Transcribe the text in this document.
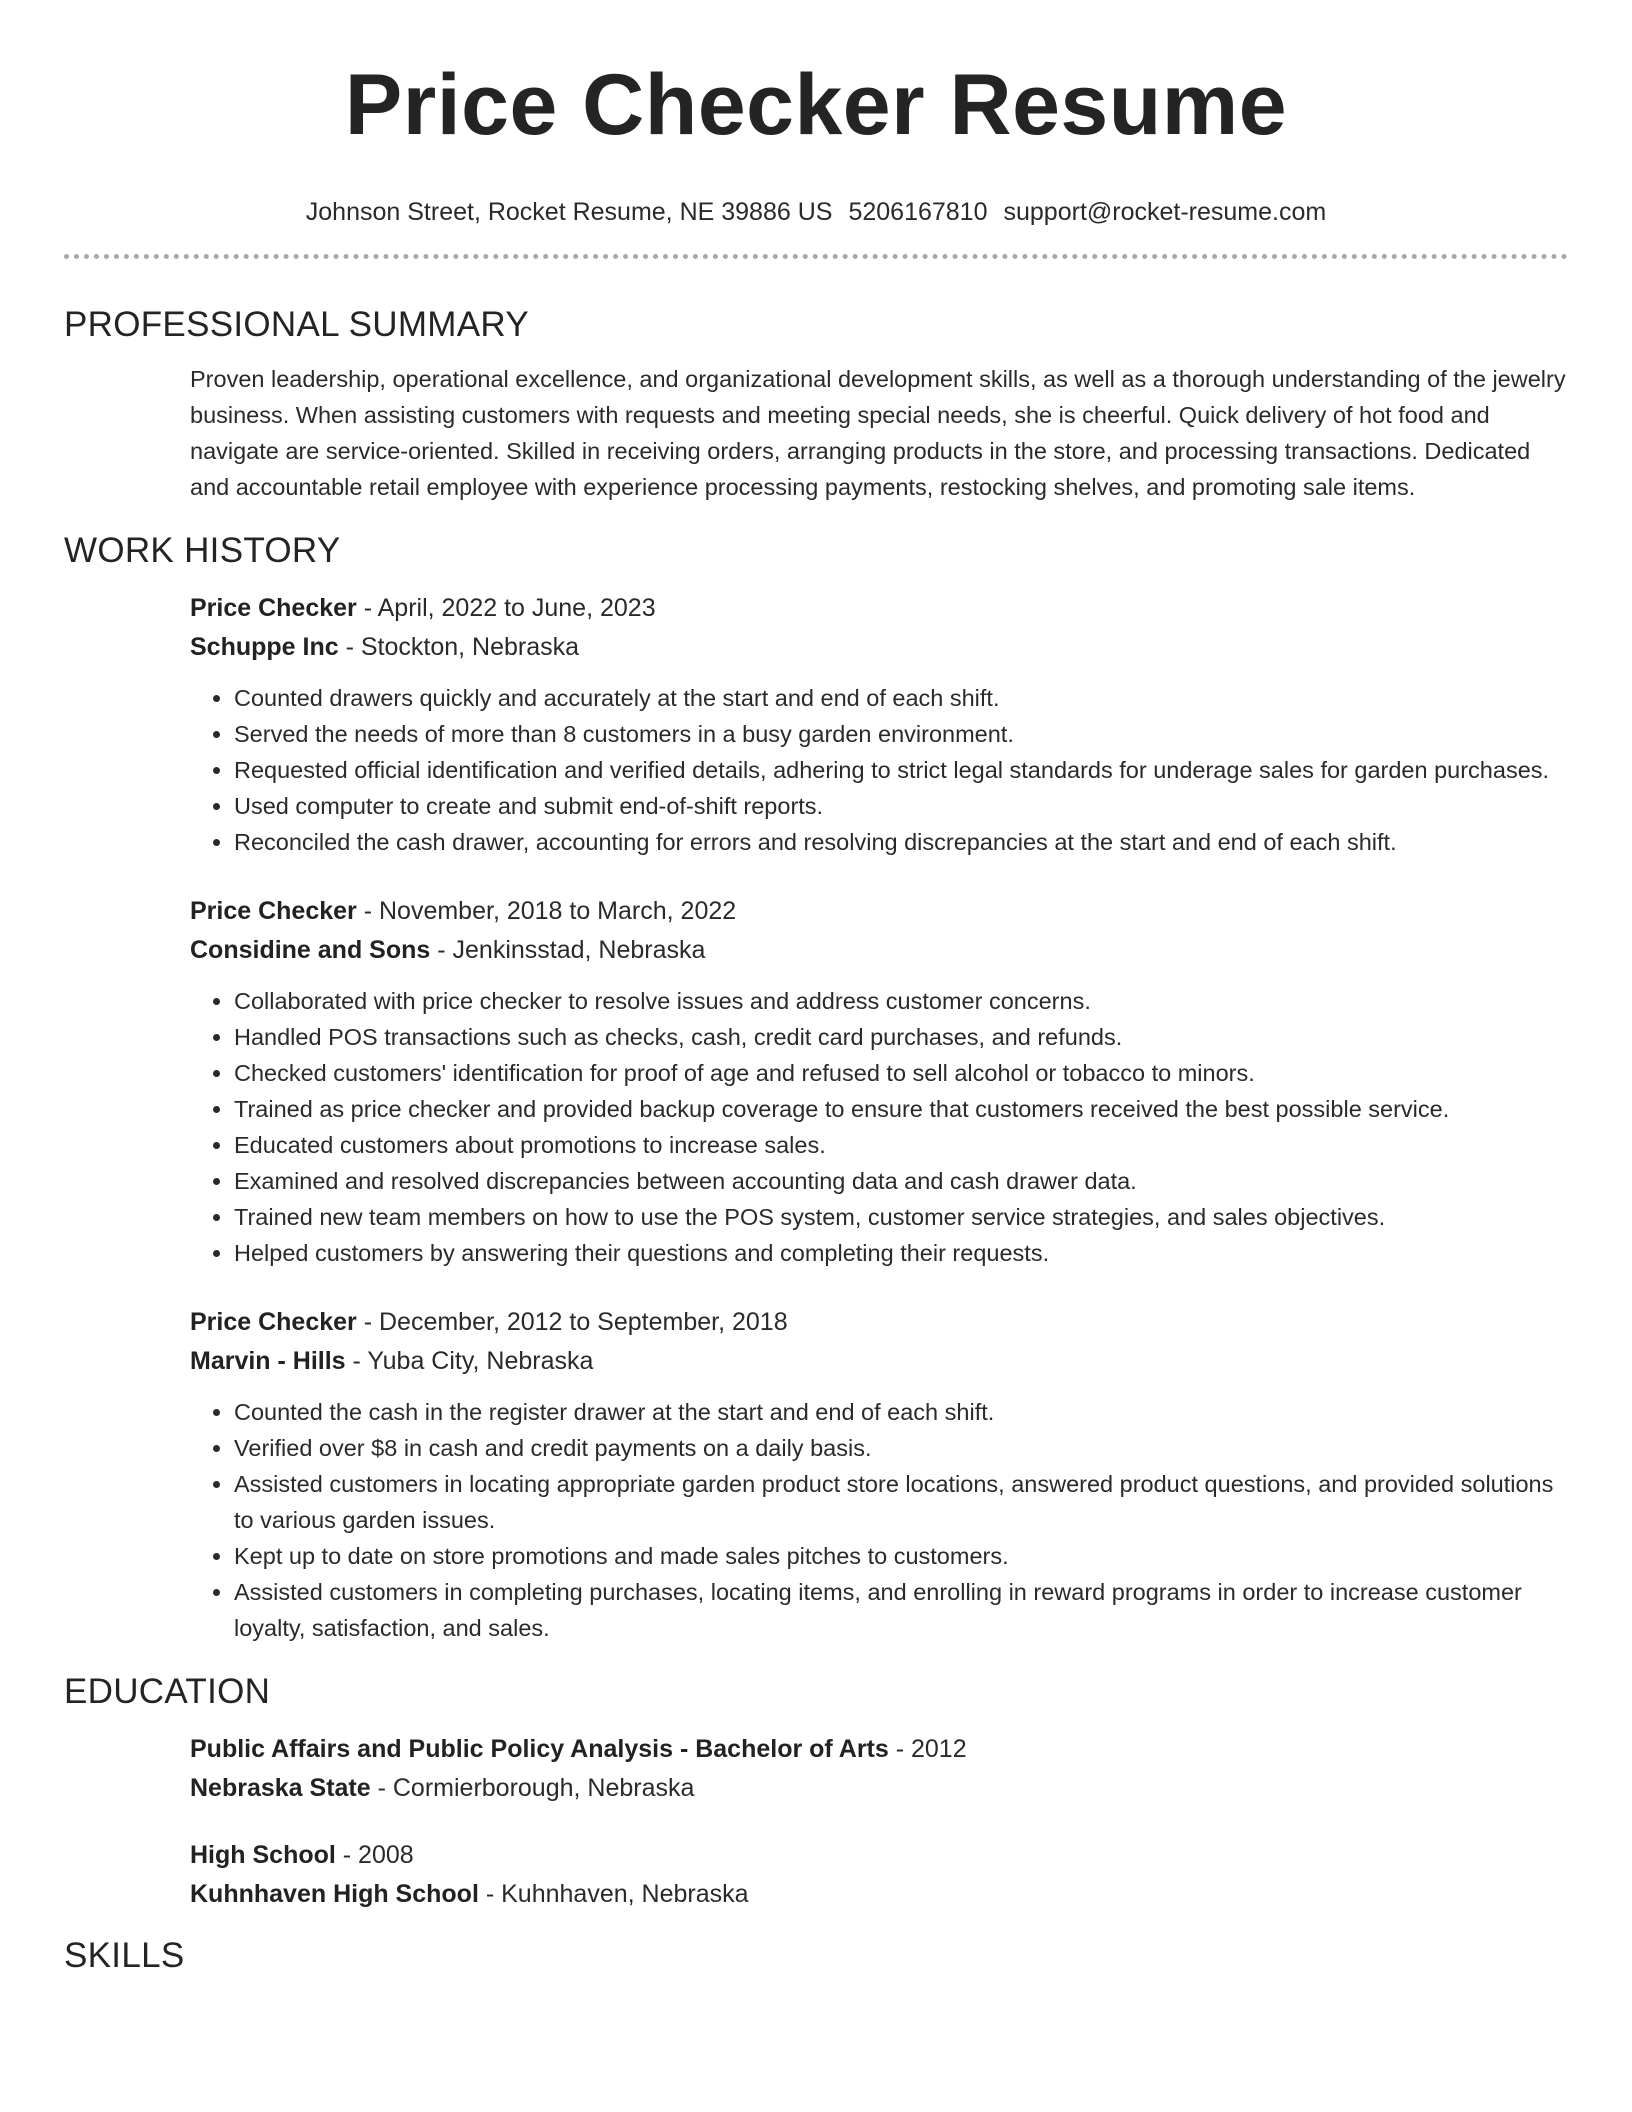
Price Checker Resume
Johnson Street, Rocket Resume, NE 39886 US 5206167810 support@rocket-resume.com
PROFESSIONAL SUMMARY

Proven leadership, operational excellence, and organizational development skills, as well as a thorough understanding of the jewelry business. When assisting customers with requests and meeting special needs, she is cheerful. Quick delivery of hot food and navigate are service-oriented. Skilled in receiving orders, arranging products in the store, and processing transactions. Dedicated and accountable retail employee with experience processing payments, restocking shelves, and promoting sale items.

WORK HISTORY
Price Checker - April, 2022 to June, 2023
Schuppe Inc - Stockton, Nebraska
• Counted drawers quickly and accurately at the start and end of each shift.
• Served the needs of more than 8 customers in a busy garden environment.
• Requested official identification and verified details, adhering to strict legal standards for underage sales for garden purchases.
• Used computer to create and submit end-of-shift reports.
• Reconciled the cash drawer, accounting for errors and resolving discrepancies at the start and end of each shift.
Price Checker - November, 2018 to March, 2022
Considine and Sons - Jenkinsstad, Nebraska
• Collaborated with price checker to resolve issues and address customer concerns.
• Handled POS transactions such as checks, cash, credit card purchases, and refunds.
• Checked customers' identification for proof of age and refused to sell alcohol or tobacco to minors.
• Trained as price checker and provided backup coverage to ensure that customers received the best possible service.
• Educated customers about promotions to increase sales.
• Examined and resolved discrepancies between accounting data and cash drawer data.
• Trained new team members on how to use the POS system, customer service strategies, and sales objectives.
• Helped customers by answering their questions and completing their requests.
Price Checker - December, 2012 to September, 2018
Marvin - Hills - Yuba City, Nebraska
• Counted the cash in the register drawer at the start and end of each shift.
• Verified over $8 in cash and credit payments on a daily basis.
• Assisted customers in locating appropriate garden product store locations, answered product questions, and provided solutions to various garden issues.
• Kept up to date on store promotions and made sales pitches to customers.
• Assisted customers in completing purchases, locating items, and enrolling in reward programs in order to increase customer loyalty, satisfaction, and sales.
EDUCATION
Public Affairs and Public Policy Analysis - Bachelor of Arts - 2012
Nebraska State - Cormierborough, Nebraska
High School - 2008
Kuhnhaven High School - Kuhnhaven, Nebraska
SKILLS
